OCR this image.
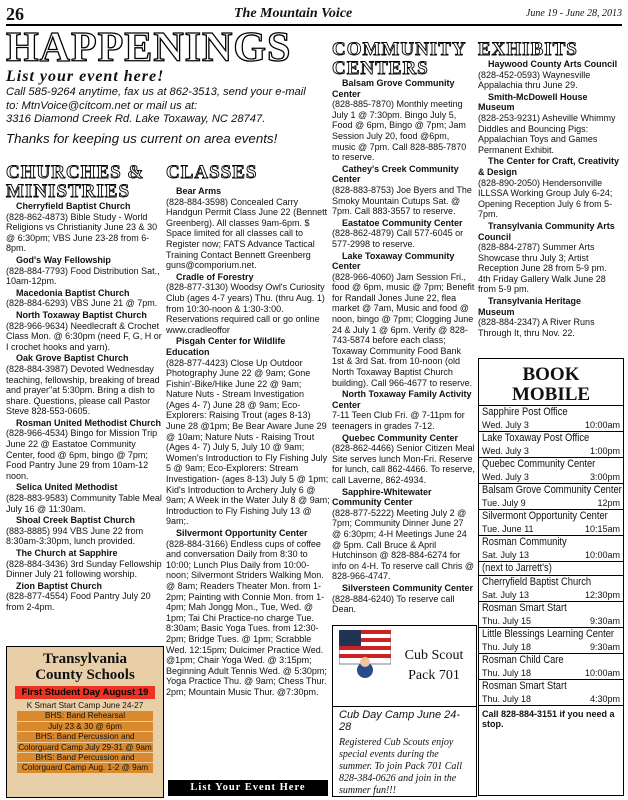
26	The Mountain Voice	June 19 - June 28, 2013
HAPPENINGS
List your event here!
Call 585-9264 anytime, fax us at 862-3513, send your e-mail
to: MtnVoice@citcom.net or mail us at:
3316 Diamond Creek Rd. Lake Toxaway, NC 28747.
Thanks for keeping us current on area events!
CHURCHES & MINISTRIES

Cherryfield Baptist Church
(828-862-4873) Bible Study - World Religions vs Christianity June 23 & 30 @ 6:30pm; VBS June 23-28 from 6-8pm.

God's Way Fellowship
(828-884-7793) Food Distribution Sat., 10am-12pm.

Macedonia Baptist Church
(828-884-6293) VBS June 21 @ 7pm.

North Toxaway Baptist Church
(828-966-9634) Needlecraft & Crochet Class Mon. @ 6:30pm (need F, G, H or I crochet hooks and yarn).

Oak Grove Baptist Church
(828-884-3987) Devoted Wednesday teaching, fellowship, breaking of bread and prayer"at 5:30pm. Bring a dish to share. Questions, please call Pastor Steve 828-553-0605.

Rosman United Methodist Church
(828-966-4534) Bingo for Mission Trip June 22 @ Eastatoe Community Center, food @ 6pm, bingo @ 7pm; Food Pantry June 29 from 10am-12 noon.

Selica United Methodist
(828-883-9583) Community Table Meal July 16 @ 11:30am.

Shoal Creek Baptist Church
(883-8885) 994 VBS June 22 from 8:30am-3:30pm, lunch provided.

The Church at Sapphire
(828-884-3436) 3rd Sunday Fellowship Dinner July 21 following worship.

Zion Baptist Church
(828-877-4554) Food Pantry July 20 from 2-4pm.

CLASSES

Bear Arms
(828-884-3598) Concealed Carry Handgun Permit Class June 22 (Bennett Greenberg). All classes 9am-6pm. $ Space limited for all classes call to Register now; FATS Advance Tactical Training Contact Bennett Greenberg guns@comporium.net.

Cradle of Forestry
(828-877-3130) Woodsy Owl's Curiosity Club (ages 4-7 years) Thu. (thru Aug. 1) from 10:30-noon & 1:30-3:00. Reservations required call or go online www.cradleoffor

Pisgah Center for Wildlife Education
(828-877-4423) Close Up Outdoor Photography June 22 @ 9am; Gone Fishin'-Bike/Hike June 22 @ 9am; Nature Nuts - Stream Investigation (Ages 4- 7) June 28 @ 9am; Eco-Explorers: Raising Trout (ages 8-13) June 28 @1pm; Be Bear Aware June 29 @ 10am; Nature Nuts - Raising Trout (Ages 4- 7) July 5, July 10 @ 9am; Women's Introduction to Fly Fishing July 5 @ 9am; Eco-Explorers: Stream Investigation- (ages 8-13) July 5 @ 1pm; Kid's Introduction to Archery July 6 @ 9am; A Week in the Water July 8 @ 9am; Introduction to Fly Fishing July 13 @ 9am;.

Silvermont Opportunity Center
(828-884-3166) Endless cups of coffee and conversation Daily from 8:30 to 10:00; Lunch Plus Daily from 10:00-noon; Silvermont Striders Walking Mon. @ 8am; Readers Theater Mon. from 1-2pm; Painting with Connie Mon. from 1-4pm; Mah Jongg Mon., Tue, Wed. @ 1pm; Tai Chi Practice-no charge Tue. 8:30am; Basic Yoga Tues. from 12:30-2pm; Bridge Tues. @ 1pm; Scrabble Wed. 12:15pm; Dulcimer Practice Wed. @1pm; Chair Yoga Wed. @ 3:15pm; Beginning Adult Tennis Wed. @ 5:30pm; Yoga Practice Thu. @ 9am; Chess Thur. 2pm; Mountain Music Thur. @7:30pm.

COMMUNITY CENTERS

Balsam Grove Community Center
(828-885-7870) Monthly meeting July 1 @ 7:30pm. Bingo July 5, Food @ 6pm, Bingo @ 7pm; Jam Session July 20, food @6pm, music @ 7pm. Call 828-885-7870 to reserve.

Cathey's Creek Community Center
(828-883-8753) Joe Byers and The Smoky Mountain Cutups Sat. @ 7pm. Call 883-3557 to reserve.

Eastatoe Community Center
(828-862-4879) Call 577-6045 or 577-2998 to reserve.

Lake Toxaway Community Center
(828-966-4060) Jam Session Fri., food @ 6pm, music @ 7pm; Benefit for Randall Jones June 22, flea market @ 7am, Music and food @ noon, bingo @ 7pm; Clogging June 24 & July 1 @ 6pm. Verify @ 828-743-5874 before each class; Toxaway Community Food Bank 1st & 3rd Sat. from 10-noon (old North Toxaway Baptist Church building). Call 966-4677 to reserve.

North Toxaway Family Activity Center
7-11 Teen Club Fri. @ 7-11pm for teenagers in grades 7-12.

Quebec Community Center
(828-862-4466) Senior Citizen Meal Site serves lunch Mon-Fri. Reserve for lunch, call 862-4466. To reserve, call Laverne, 862-4934.

Sapphire-Whitewater Community Center
(828-877-5222) Meeting July 2 @ 7pm; Community Dinner June 27 @ 6:30pm; 4-H Meetings June 24 @ 5pm. Call Bruce & April Hutchinson @ 828-884-6274 for info on 4-H. To reserve call Chris @ 828-966-4747.

Silversteen Community Center
(828-884-6240) To reserve call Dean.

EXHIBITS

Haywood County Arts Council
(828-452-0593) Waynesville Appalachia thru June 29.

Smith-McDowell House Museum
(828-253-9231) Asheville Whimmy Diddles and Bouncing Pigs: Appalachian Toys and Games Permanent Exhibit.

The Center for Craft, Creativity & Design
(828-890-2050) Hendersonville ILLSSA Working Group July 6-24; Opening Reception July 6 from 5-7pm.

Transylvania Community Arts Council
(828-884-2787) Summer Arts Showcase thru July 3; Artist Reception June 28 from 5-9 pm. 4th Friday Gallery Walk June 28 from 5-9 pm.

Transylvania Heritage Museum
(828-884-2347) A River Runs Through It, thru Nov. 22.

Transylvania
County Schools
First Student Day August 19
K Smart Start Camp June 24-27
BHS: Band Rehearsal
July 23 & 30 @ 6pm
BHS: Band Percussion and
Colorguard Camp July 29-31 @ 9am
BHS: Band Percussion and
Colorguard Camp Aug. 1-2 @ 9am
List Your Event Here
Cub Scout Pack 701
Cub Day Camp June 24-28
Registered Cub Scouts enjoy special events during the summer. To join Pack 701 Call 828-384-0626 and join in the summer fun!!!
BOOK
MOBILE
Sapphire Post Office
Wed. July 3	10:00am
Lake Toxaway Post Office
Wed. July 3	1:00pm
Quebec Community Center
Wed. July 3	3:00pm
Balsam Grove Community Center
Tue. July 9	12pm
Silvermont Opportunity Center
Tue. June 11	10:15am
Rosman Community
Sat. July 13	10:00am
(next to Jarrett's)
Cherryfield Baptist Church
Sat. July 13	12:30pm
Rosman Smart Start
Thu. July 15	9:30am
Little Blessings Learning Center
Thu. July 18	9:30am
Rosman Child Care
Thu. July 18	10:00am
Rosman Smart Start
Thu. July 18	4:30pm
Call 828-884-3151 if you need a stop.
